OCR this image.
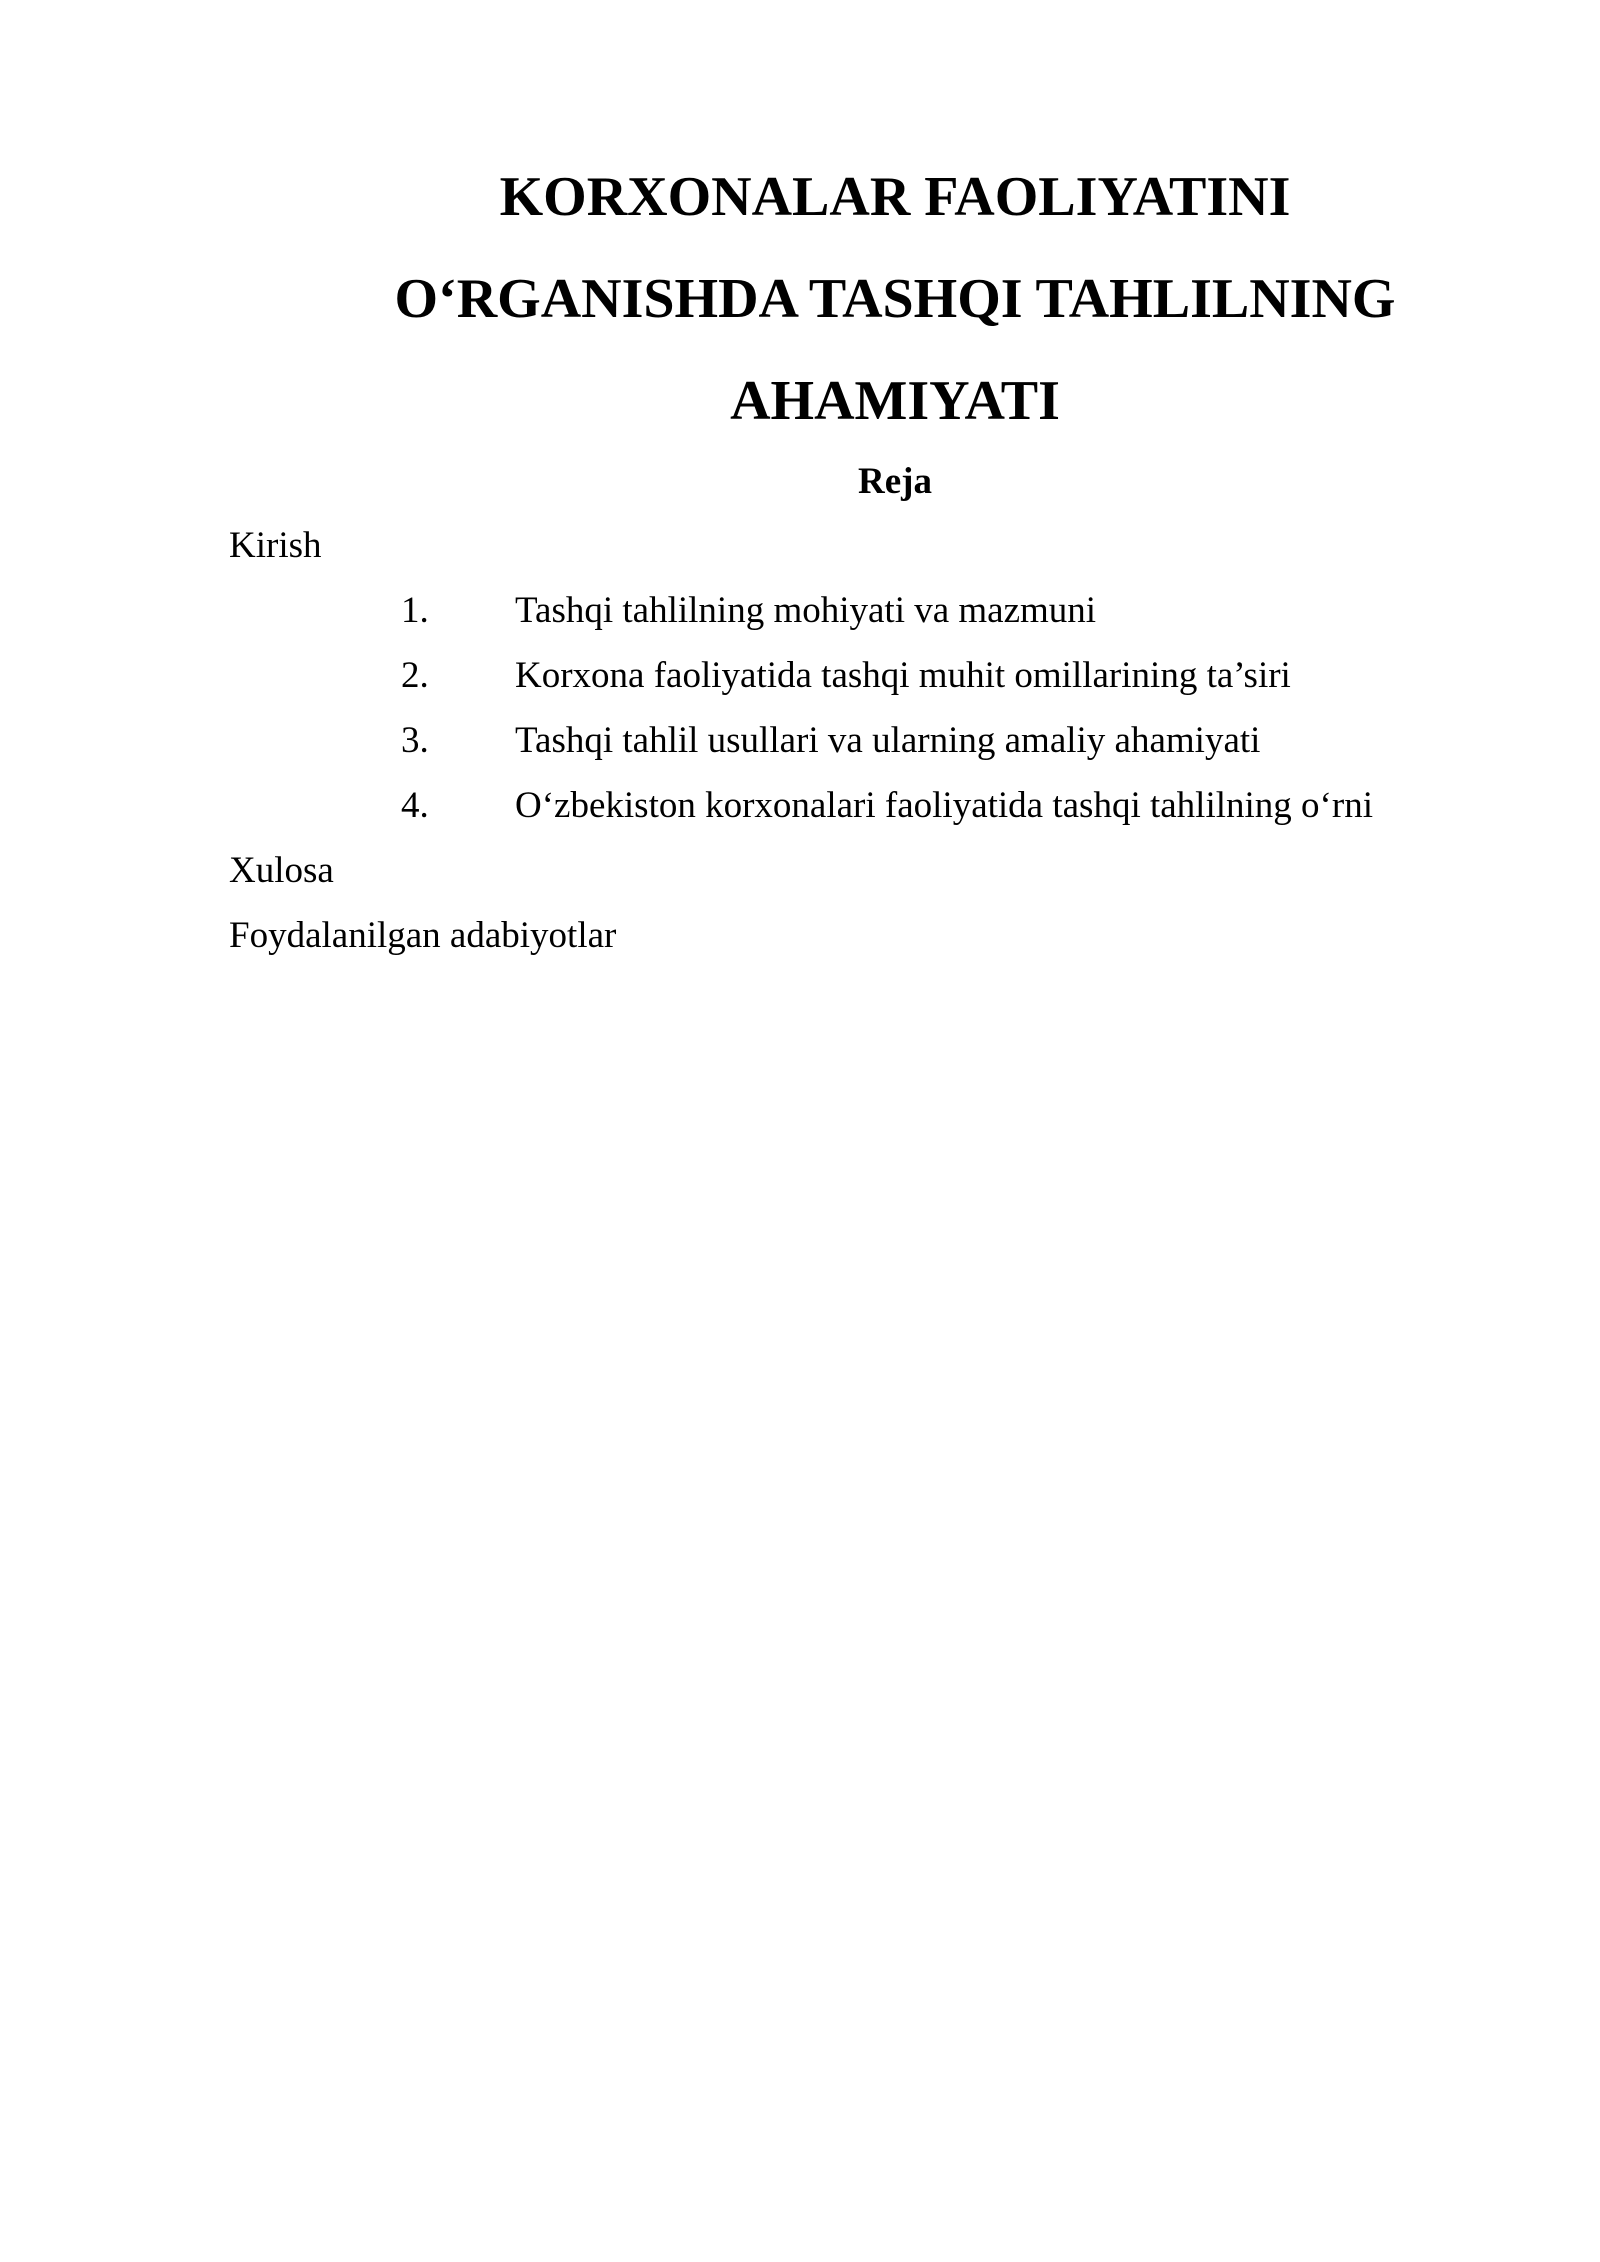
KORXONALAR FAOLIYATINI
O‘RGANISHDA TASHQI TAHLILNING
AHAMIYATI
Reja
Kirish
1. Tashqi tahlilning mohiyati va mazmuni
2. Korxona faoliyatida tashqi muhit omillarining ta’siri
3. Tashqi tahlil usullari va ularning amaliy ahamiyati
4. O‘zbekiston korxonalari faoliyatida tashqi tahlilning o‘rni
Xulosa
Foydalanilgan adabiyotlar
